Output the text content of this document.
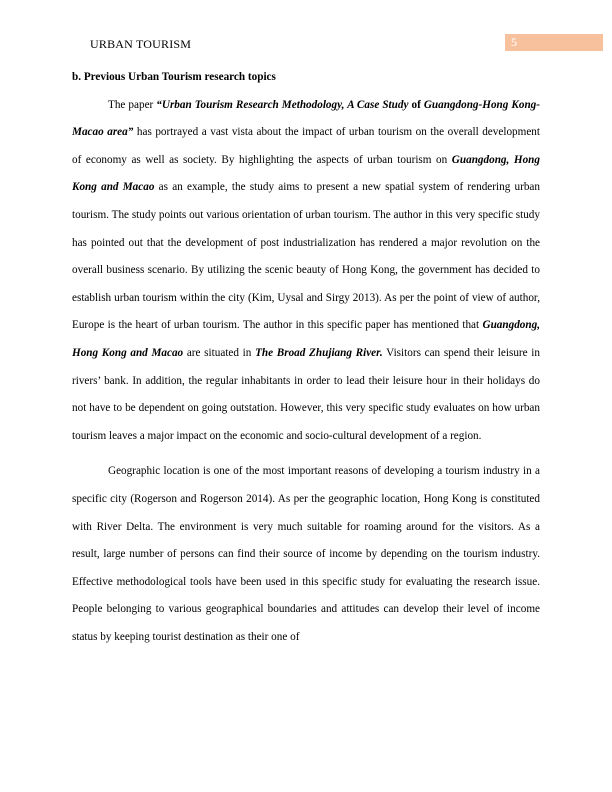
URBAN TOURISM	5

b. Previous Urban Tourism research topics

The paper “Urban Tourism Research Methodology, A Case Study of Guangdong-Hong Kong-Macao area” has portrayed a vast vista about the impact of urban tourism on the overall development of economy as well as society. By highlighting the aspects of urban tourism on Guangdong, Hong Kong and Macao as an example, the study aims to present a new spatial system of rendering urban tourism. The study points out various orientation of urban tourism. The author in this very specific study has pointed out that the development of post industrialization has rendered a major revolution on the overall business scenario. By utilizing the scenic beauty of Hong Kong, the government has decided to establish urban tourism within the city (Kim, Uysal and Sirgy 2013). As per the point of view of author, Europe is the heart of urban tourism. The author in this specific paper has mentioned that Guangdong, Hong Kong and Macao are situated in The Broad Zhujiang River. Visitors can spend their leisure in rivers’ bank. In addition, the regular inhabitants in order to lead their leisure hour in their holidays do not have to be dependent on going outstation. However, this very specific study evaluates on how urban tourism leaves a major impact on the economic and socio-cultural development of a region.

Geographic location is one of the most important reasons of developing a tourism industry in a specific city (Rogerson and Rogerson 2014). As per the geographic location, Hong Kong is constituted with River Delta. The environment is very much suitable for roaming around for the visitors. As a result, large number of persons can find their source of income by depending on the tourism industry. Effective methodological tools have been used in this specific study for evaluating the research issue. People belonging to various geographical boundaries and attitudes can develop their level of income status by keeping tourist destination as their one of
